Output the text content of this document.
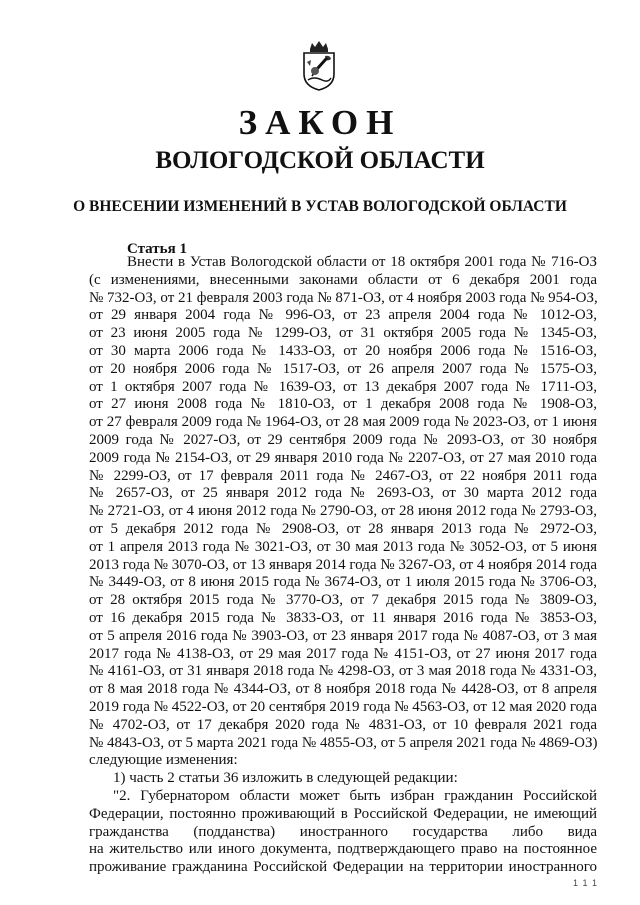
ЗАКОН
ВОЛОГОДСКОЙ ОБЛАСТИ
О ВНЕСЕНИИ ИЗМЕНЕНИЙ В УСТАВ ВОЛОГОДСКОЙ ОБЛАСТИ
Статья 1
Внести в Устав Вологодской области от 18 октября 2001 года № 716-ОЗ
(с изменениями, внесенными законами области от 6 декабря 2001 года
№ 732-ОЗ, от 21 февраля 2003 года № 871-ОЗ, от 4 ноября 2003 года № 954-ОЗ,
от 29 января 2004 года № 996-ОЗ, от 23 апреля 2004 года № 1012-ОЗ,
от 23 июня 2005 года № 1299-ОЗ, от 31 октября 2005 года № 1345-ОЗ,
от 30 марта 2006 года № 1433-ОЗ, от 20 ноября 2006 года № 1516-ОЗ,
от 20 ноября 2006 года № 1517-ОЗ, от 26 апреля 2007 года № 1575-ОЗ,
от 1 октября 2007 года № 1639-ОЗ, от 13 декабря 2007 года № 1711-ОЗ,
от 27 июня 2008 года № 1810-ОЗ, от 1 декабря 2008 года № 1908-ОЗ,
от 27 февраля 2009 года № 1964-ОЗ, от 28 мая 2009 года № 2023-ОЗ, от 1 июня
2009 года № 2027-ОЗ, от 29 сентября 2009 года № 2093-ОЗ, от 30 ноября
2009 года № 2154-ОЗ, от 29 января 2010 года № 2207-ОЗ, от 27 мая 2010 года
№ 2299-ОЗ, от 17 февраля 2011 года № 2467-ОЗ, от 22 ноября 2011 года
№ 2657-ОЗ, от 25 января 2012 года № 2693-ОЗ, от 30 марта 2012 года
№ 2721-ОЗ, от 4 июня 2012 года № 2790-ОЗ, от 28 июня 2012 года № 2793-ОЗ,
от 5 декабря 2012 года № 2908-ОЗ, от 28 января 2013 года № 2972-ОЗ,
от 1 апреля 2013 года № 3021-ОЗ, от 30 мая 2013 года № 3052-ОЗ, от 5 июня
2013 года № 3070-ОЗ, от 13 января 2014 года № 3267-ОЗ, от 4 ноября 2014 года
№ 3449-ОЗ, от 8 июня 2015 года № 3674-ОЗ, от 1 июля 2015 года № 3706-ОЗ,
от 28 октября 2015 года № 3770-ОЗ, от 7 декабря 2015 года № 3809-ОЗ,
от 16 декабря 2015 года № 3833-ОЗ, от 11 января 2016 года № 3853-ОЗ,
от 5 апреля 2016 года № 3903-ОЗ, от 23 января 2017 года № 4087-ОЗ, от 3 мая
2017 года № 4138-ОЗ, от 29 мая 2017 года № 4151-ОЗ, от 27 июня 2017 года
№ 4161-ОЗ, от 31 января 2018 года № 4298-ОЗ, от 3 мая 2018 года № 4331-ОЗ,
от 8 мая 2018 года № 4344-ОЗ, от 8 ноября 2018 года № 4428-ОЗ, от 8 апреля
2019 года № 4522-ОЗ, от 20 сентября 2019 года № 4563-ОЗ, от 12 мая 2020 года
№ 4702-ОЗ, от 17 декабря 2020 года № 4831-ОЗ, от 10 февраля 2021 года
№ 4843-ОЗ, от 5 марта 2021 года № 4855-ОЗ, от 5 апреля 2021 года № 4869-ОЗ)
следующие изменения:
1) часть 2 статьи 36 изложить в следующей редакции:
"2. Губернатором области может быть избран гражданин Российской
Федерации, постоянно проживающий в Российской Федерации, не имеющий
гражданства (подданства) иностранного государства либо вида
на жительство или иного документа, подтверждающего право на постоянное
проживание гражданина Российской Федерации на территории иностранного
1 1 1
